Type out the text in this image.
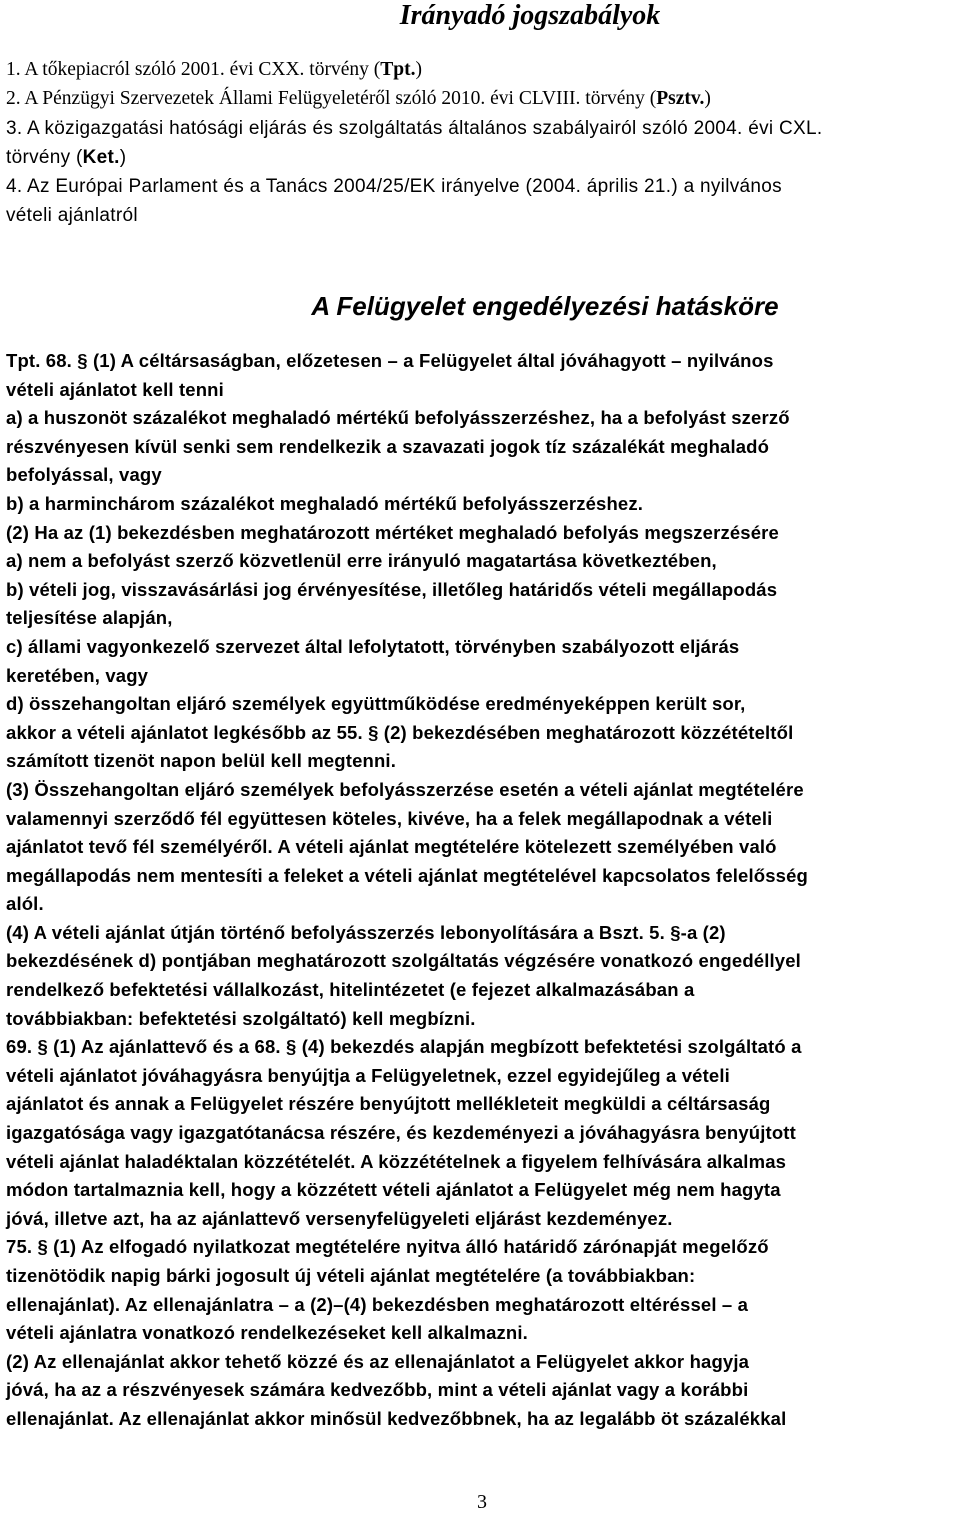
Irányadó jogszabályok
1. A tőkepiacról szóló 2001. évi CXX. törvény (Tpt.)
2. A Pénzügyi Szervezetek Állami Felügyeletéről szóló 2010. évi CLVIII. törvény (Psztv.)
3. A közigazgatási hatósági eljárás és szolgáltatás általános szabályairól szóló 2004. évi CXL.
törvény (Ket.)
4. Az Európai Parlament és a Tanács 2004/25/EK irányelve (2004. április 21.) a nyilvános
vételi ajánlatról
A Felügyelet engedélyezési hatásköre
Tpt. 68. § (1) A céltársaságban, előzetesen – a Felügyelet által jóváhagyott – nyilvános
vételi ajánlatot kell tenni
a) a huszonöt százalékot meghaladó mértékű befolyásszerzéshez, ha a befolyást szerző
részvényesen kívül senki sem rendelkezik a szavazati jogok tíz százalékát meghaladó
befolyással, vagy
b) a harminchárom százalékot meghaladó mértékű befolyásszerzéshez.
(2) Ha az (1) bekezdésben meghatározott mértéket meghaladó befolyás megszerzésére
a) nem a befolyást szerző közvetlenül erre irányuló magatartása következtében,
b) vételi jog, visszavásárlási jog érvényesítése, illetőleg határidős vételi megállapodás
teljesítése alapján,
c) állami vagyonkezelő szervezet által lefolytatott, törvényben szabályozott eljárás
keretében, vagy
d) összehangoltan eljáró személyek együttműködése eredményeképpen került sor,
akkor a vételi ajánlatot legkésőbb az 55. § (2) bekezdésében meghatározott közzétételtől
számított tizenöt napon belül kell megtenni.
(3) Összehangoltan eljáró személyek befolyásszerzése esetén a vételi ajánlat megtételére
valamennyi szerződő fél együttesen köteles, kivéve, ha a felek megállapodnak a vételi
ajánlatot tevő fél személyéről. A vételi ajánlat megtételére kötelezett személyében való
megállapodás nem mentesíti a feleket a vételi ajánlat megtételével kapcsolatos felelősség
alól.
(4) A vételi ajánlat útján történő befolyásszerzés lebonyolítására a Bszt. 5. §-a (2)
bekezdésének d) pontjában meghatározott szolgáltatás végzésére vonatkozó engedéllyel
rendelkező befektetési vállalkozást, hitelintézetet (e fejezet alkalmazásában a
továbbiakban: befektetési szolgáltató) kell megbízni.
69. § (1) Az ajánlattevő és a 68. § (4) bekezdés alapján megbízott befektetési szolgáltató a
vételi ajánlatot jóváhagyásra benyújtja a Felügyeletnek, ezzel egyidejűleg a vételi
ajánlatot és annak a Felügyelet részére benyújtott mellékleteit megküldi a céltársaság
igazgatósága vagy igazgatótanácsa részére, és kezdeményezi a jóváhagyásra benyújtott
vételi ajánlat haladéktalan közzétételét. A közzétételnek a figyelem felhívására alkalmas
módon tartalmaznia kell, hogy a közzétett vételi ajánlatot a Felügyelet még nem hagyta
jóvá, illetve azt, ha az ajánlattevő versenyfelügyeleti eljárást kezdeményez.
75. § (1) Az elfogadó nyilatkozat megtételére nyitva álló határidő zárónapját megelőző
tizenötödik napig bárki jogosult új vételi ajánlat megtételére (a továbbiakban:
ellenajánlat). Az ellenajánlatra – a (2)–(4) bekezdésben meghatározott eltéréssel – a
vételi ajánlatra vonatkozó rendelkezéseket kell alkalmazni.
(2) Az ellenajánlat akkor tehető közzé és az ellenajánlatot a Felügyelet akkor hagyja
jóvá, ha az a részvényesek számára kedvezőbb, mint a vételi ajánlat vagy a korábbi
ellenajánlat. Az ellenajánlat akkor minősül kedvezőbbnek, ha az legalább öt százalékkal
3
